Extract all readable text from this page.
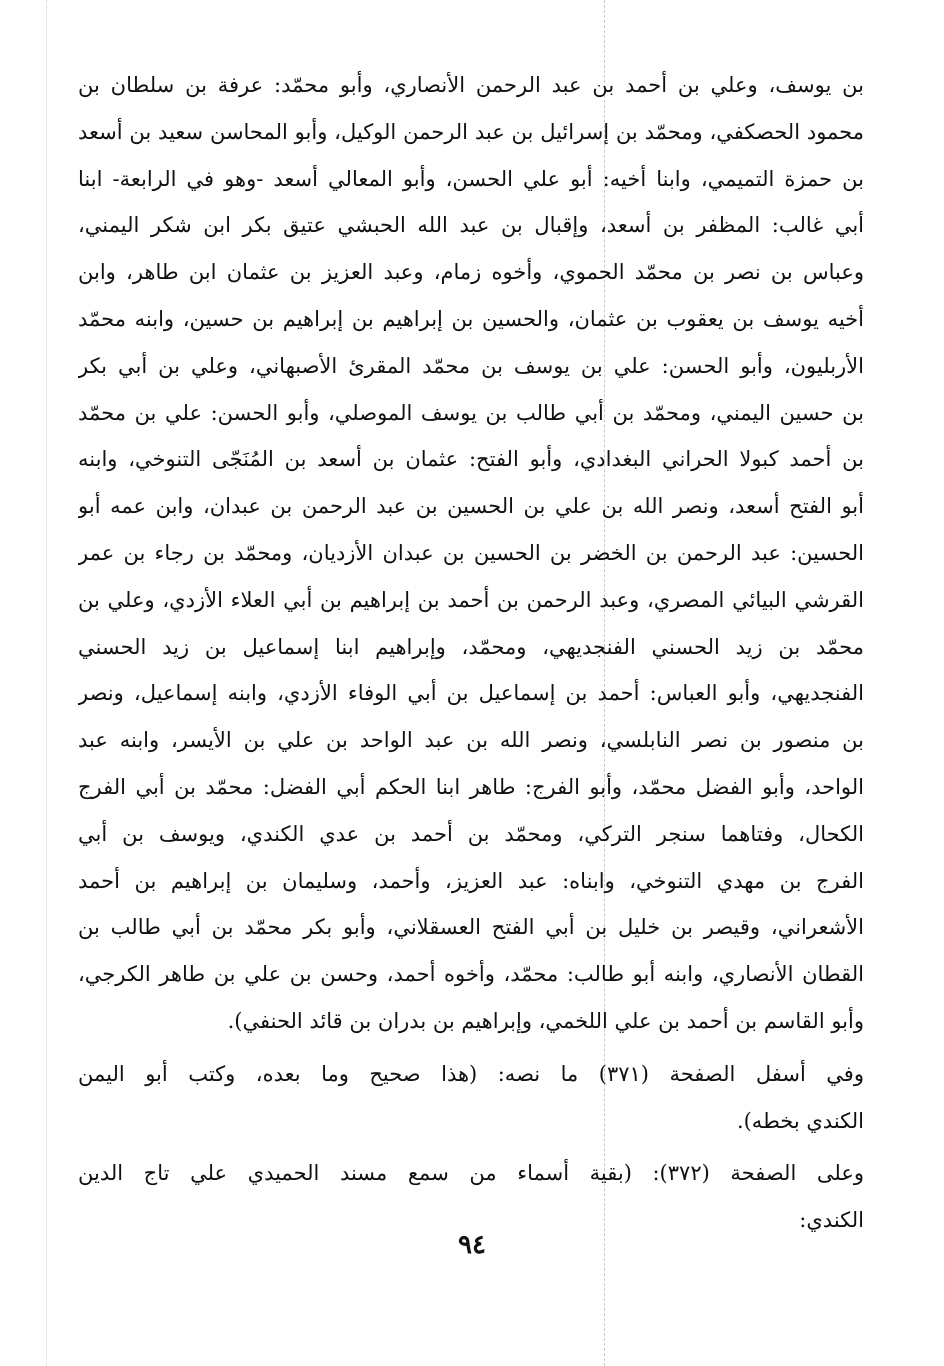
بن يوسف، وعلي بن أحمد بن عبد الرحمن الأنصاري، وأبو محمّد: عرفة بن سلطان بن
محمود الحصكفي، ومحمّد بن إسرائيل بن عبد الرحمن الوكيل، وأبو المحاسن سعيد بن أسعد
بن حمزة التميمي، وابنا أخيه: أبو علي الحسن، وأبو المعالي أسعد -وهو في الرابعة- ابنا
أبي غالب: المظفر بن أسعد، وإقبال بن عبد الله الحبشي عتيق بكر ابن شكر اليمني،
وعباس بن نصر بن محمّد الحموي، وأخوه زمام، وعبد العزيز بن عثمان ابن طاهر، وابن
أخيه يوسف بن يعقوب بن عثمان، والحسين بن إبراهيم بن إبراهيم بن حسين، وابنه محمّد
الأربليون، وأبو الحسن: علي بن يوسف بن محمّد المقرئ الأصبهاني، وعلي بن أبي بكر
بن حسين اليمني، ومحمّد بن أبي طالب بن يوسف الموصلي، وأبو الحسن: علي بن محمّد
بن أحمد كبولا الحراني البغدادي، وأبو الفتح: عثمان بن أسعد بن المُنَجّى التنوخي، وابنه
أبو الفتح أسعد، ونصر الله بن علي بن الحسين بن عبد الرحمن بن عبدان، وابن عمه أبو
الحسين: عبد الرحمن بن الخضر بن الحسين بن عبدان الأزديان، ومحمّد بن رجاء بن عمر
القرشي البيائي المصري، وعبد الرحمن بن أحمد بن إبراهيم بن أبي العلاء الأزدي، وعلي بن
محمّد بن زيد الحسني الفنجديهي، ومحمّد، وإبراهيم ابنا إسماعيل بن زيد الحسني
الفنجديهي، وأبو العباس: أحمد بن إسماعيل بن أبي الوفاء الأزدي، وابنه إسماعيل، ونصر
بن منصور بن نصر النابلسي، ونصر الله بن عبد الواحد بن علي بن الأيسر، وابنه عبد
الواحد، وأبو الفضل محمّد، وأبو الفرج: طاهر ابنا الحكم أبي الفضل: محمّد بن أبي الفرج
الكحال، وفتاهما سنجر التركي، ومحمّد بن أحمد بن عدي الكندي، ويوسف بن أبي
الفرج بن مهدي التنوخي، وابناه: عبد العزيز، وأحمد، وسليمان بن إبراهيم بن أحمد
الأشعراني، وقيصر بن خليل بن أبي الفتح العسقلاني، وأبو بكر محمّد بن أبي طالب بن
القطان الأنصاري، وابنه أبو طالب: محمّد، وأخوه أحمد، وحسن بن علي بن طاهر الكرجي،
وأبو القاسم بن أحمد بن علي اللخمي، وإبراهيم بن بدران بن قائد الحنفي).
وفي أسفل الصفحة (٣٧١) ما نصه: (هذا صحيح وما بعده، وكتب أبو اليمن
الكندي بخطه).
وعلى الصفحة (٣٧٢): (بقية أسماء من سمع مسند الحميدي علي تاج الدين
الكندي:
٩٤
